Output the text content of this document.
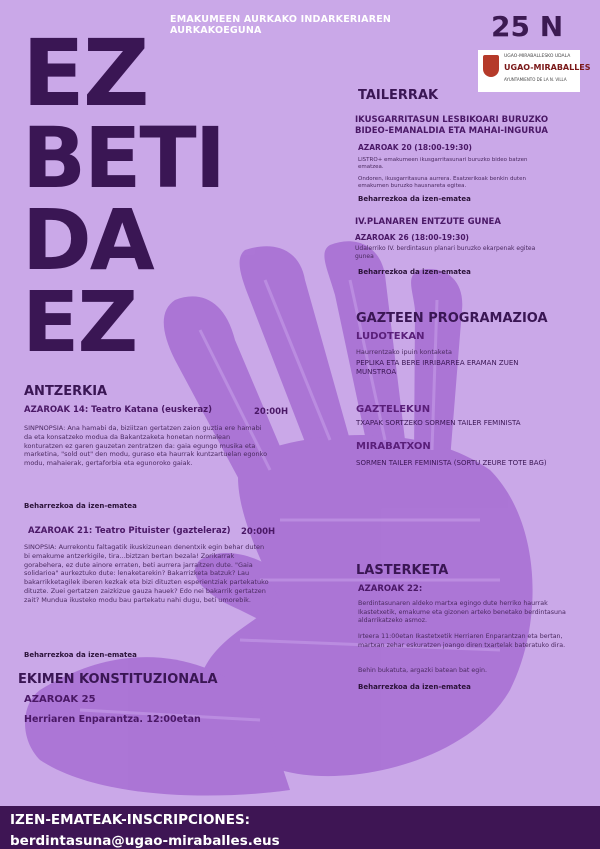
EMAKUMEEN AURKAKO INDARKERIAREN AURKAKOEGUNA	25 N
UGAO-MIRABALLESKO UDALA
UGAO-MIRABALLES
AYUNTAMIENTO DE LA N. VILLA
EZ
BETI
DA
EZ
ANTZERKIA
AZAROAK 14: Teatro Katana (euskeraz)	20:00H
SINPNOPSIA: Ana hamabi da, biziitzan gertatzen zaion guztia ere hamabi da eta konsatzeko modua da Bakantzaketa honetan normalean konturatzen ez garen gauzetan zentratzen da: gaia egungo musika eta marketina, "sold out" den modu, guraso eta haurrak kuntzartuelan egonko modu, mahaierak, gertaforbia eta egunoroko gaiak.
Beharrezkoa da izen-ematea
AZAROAK 21: Teatro Pituister (gazteleraz) 20:00H
SINOPSIA: Aurrekontu faltagatik ikuskizunean denentxik egin behar duten bi emakume antzerkigile, tira...biztzan bertan bezala! Zorikarrak gorabehera, ez dute ainore erraten, beti aurrera jarraitzen dute. "Gaia solidarioa" aurkeztuko dute: lenaketarekin? Bakarrizketa batzuk? Lau bakarrikketagilek iberen kezkak eta bizi dituzten esperientziak partekatuko dituzte. Zuei gertatzen zaizkizue gauza hauek? Edo nei bakarrik gertatzen zait? Mundua ikusteko modu bau partekatu nahi dugu, beti umorebik.
Beharrezkoa da izen-ematea
EKIMEN KONSTITUZIONALA
AZAROAK 25
Herriaren Enparantza. 12:00etan
TAILERRAK
IKUSGARRITASUN LESBIKOARI BURUZKO BIDEO-EMANALDIA ETA MAHAI-INGURUA
AZAROAK 20 (18:00-19:30)
LISTRO+ emakumeen ikusgarritasunari buruzko bideo batzen ematzea.
Ondoren, ikusgarritasuna aurrera. Esatzerikoak benkin duten emakumen buruzko hausnareta egitea.
Beharrezkoa da izen-ematea
IV.PLANAREN ENTZUTE GUNEA
AZAROAK 26 (18:00-19:30)
Udalerriko IV. berdintasun planari buruzko ekarpenak egitea gunea
Beharrezkoa da izen-ematea
GAZTEEN PROGRAMAZIOA
LUDOTEKAN
Haurrentzako ipuin kontaketa
PEPLIKA ETA BERE IRRIBARREA ERAMAN ZUEN MUNSTROA
GAZTELEKUN
TXAPAK SORTZEKO SORMEN TAILER FEMINISTA
MIRABATXON
SORMEN TAILER FEMINISTA (SORTU ZEURE TOTE BAG)
LASTERKETA
AZAROAK 22:
Berdintasunaren aldeko martxa egingo dute herriko haurrak Ikastetxetik, emakume eta gizonen arteko benetako berdintasuna aldarrikatzeko asmoz.
Irteera 11:00etan Ikastetxetik Herriaren Enparantzan eta bertan, martxan zehar eskuratzen joango diren txartelak bateratuko dira.
Behin bukatuta, argazki batean bat egin.
Beharrezkoa da izen-ematea
IZEN-EMATEAK-INSCRIPCIONES: berdintasuna@ugao-miraballes.eus
